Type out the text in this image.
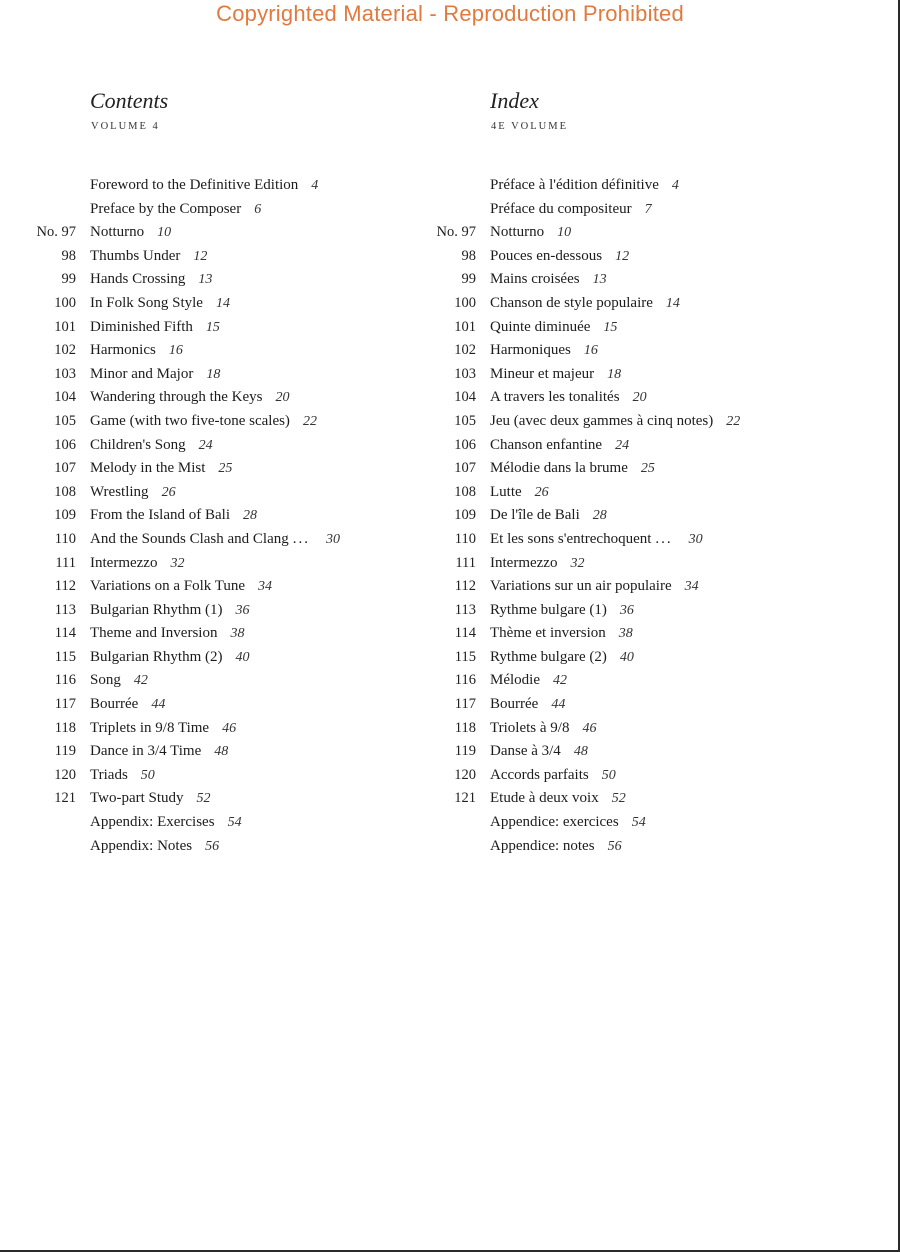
Copyrighted Material - Reproduction Prohibited
Contents
VOLUME 4
Foreword to the Definitive Edition 4
Preface by the Composer 6
No. 97 Notturno 10
98 Thumbs Under 12
99 Hands Crossing 13
100 In Folk Song Style 14
101 Diminished Fifth 15
102 Harmonics 16
103 Minor and Major 18
104 Wandering through the Keys 20
105 Game (with two five-tone scales) 22
106 Children's Song 24
107 Melody in the Mist 25
108 Wrestling 26
109 From the Island of Bali 28
110 And the Sounds Clash and Clang ... 30
111 Intermezzo 32
112 Variations on a Folk Tune 34
113 Bulgarian Rhythm (1) 36
114 Theme and Inversion 38
115 Bulgarian Rhythm (2) 40
116 Song 42
117 Bourrée 44
118 Triplets in 9/8 Time 46
119 Dance in 3/4 Time 48
120 Triads 50
121 Two-part Study 52
Appendix: Exercises 54
Appendix: Notes 56
Index
4E VOLUME
Préface à l'édition définitive 4
Préface du compositeur 7
No. 97 Notturno 10
98 Pouces en-dessous 12
99 Mains croisées 13
100 Chanson de style populaire 14
101 Quinte diminuée 15
102 Harmoniques 16
103 Mineur et majeur 18
104 A travers les tonalités 20
105 Jeu (avec deux gammes à cinq notes) 22
106 Chanson enfantine 24
107 Mélodie dans la brume 25
108 Lutte 26
109 De l'île de Bali 28
110 Et les sons s'entrechoquent ... 30
111 Intermezzo 32
112 Variations sur un air populaire 34
113 Rythme bulgare (1) 36
114 Thème et inversion 38
115 Rythme bulgare (2) 40
116 Mélodie 42
117 Bourrée 44
118 Triolets à 9/8 46
119 Danse à 3/4 48
120 Accords parfaits 50
121 Etude à deux voix 52
Appendice: exercices 54
Appendice: notes 56
